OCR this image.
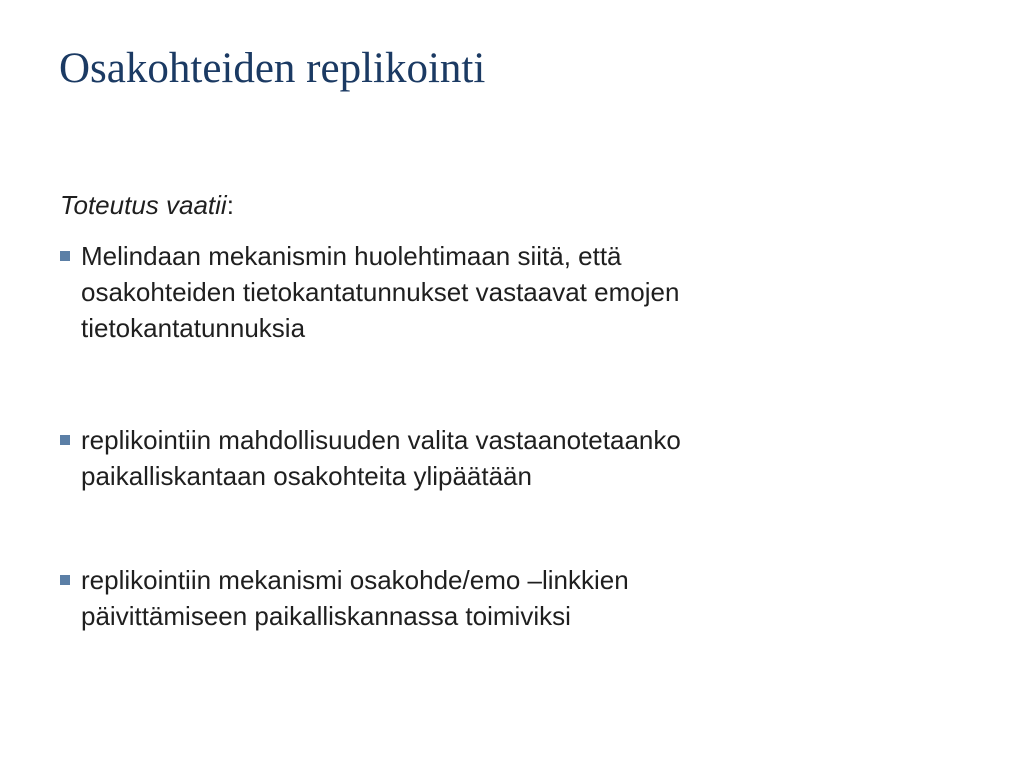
Osakohteiden replikointi

Toteutus vaatii:

Melindaan mekanismin huolehtimaan siitä, että
osakohteiden tietokantatunnukset vastaavat emojen
tietokantatunnuksia
replikointiin mahdollisuuden valita vastaanotetaanko
paikalliskantaan osakohteita ylipäätään
replikointiin mekanismi osakohde/emo –linkkien
päivittämiseen paikalliskannassa toimiviksi
